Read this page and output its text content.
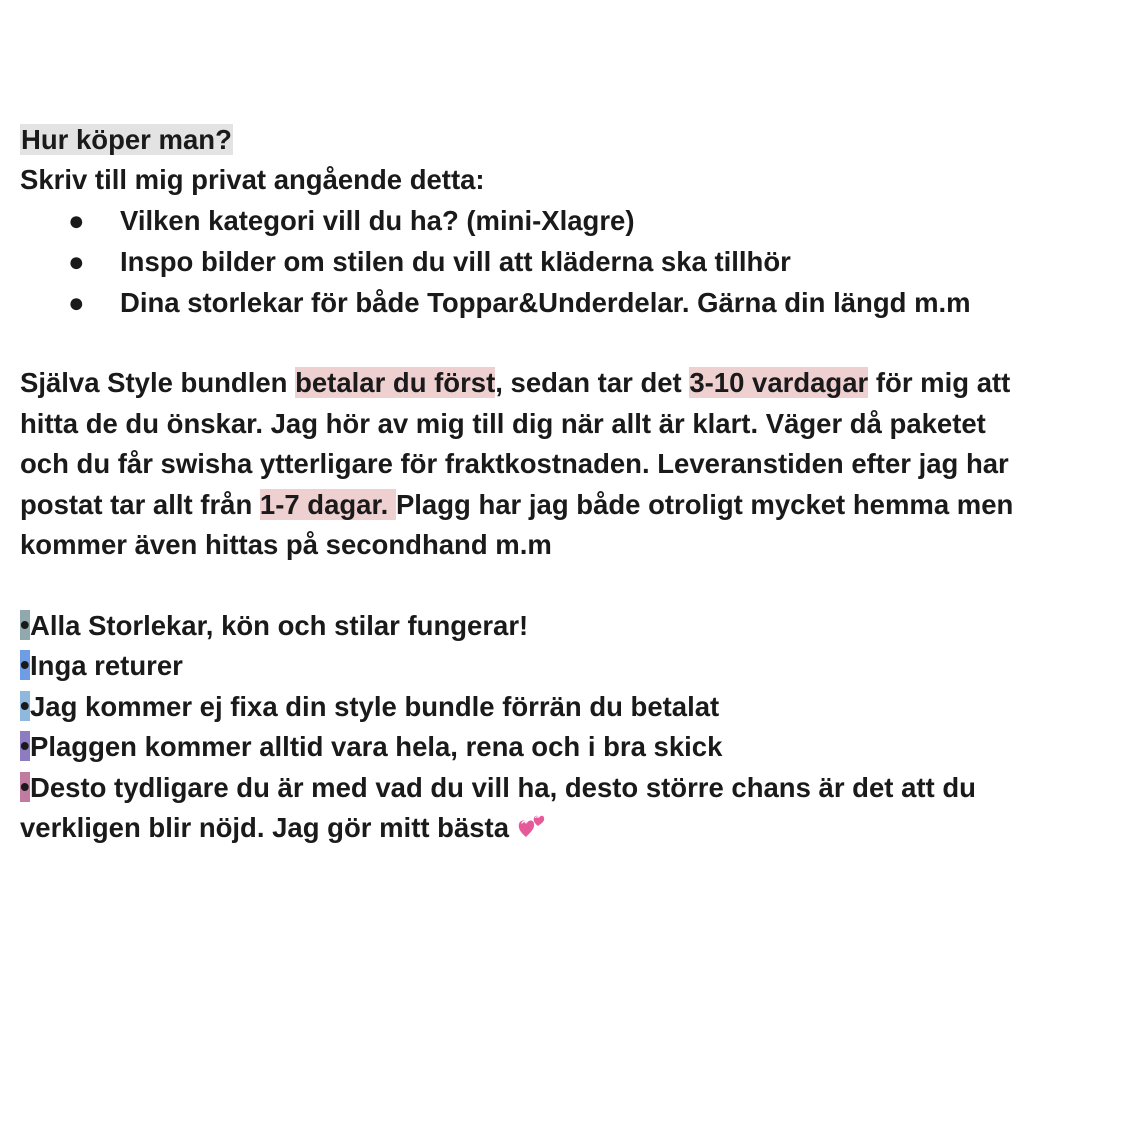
Hur köper man?
Skriv till mig privat angående detta:
● Vilken kategori vill du ha? (mini-Xlagre)
● Inspo bilder om stilen du vill att kläderna ska tillhör
● Dina storlekar för både Toppar&Underdelar. Gärna din längd m.m
Själva Style bundlen betalar du först, sedan tar det 3-10 vardagar för mig att
hitta de du önskar. Jag hör av mig till dig när allt är klart. Väger då paketet
och du får swisha ytterligare för fraktkostnaden. Leveranstiden efter jag har
postat tar allt från 1-7 dagar. Plagg har jag både otroligt mycket hemma men
kommer även hittas på secondhand m.m
•Alla Storlekar, kön och stilar fungerar!
•Inga returer
•Jag kommer ej fixa din style bundle förrän du betalat
•Plaggen kommer alltid vara hela, rena och i bra skick
•Desto tydligare du är med vad du vill ha, desto större chans är det att du
verkligen blir nöjd. Jag gör mitt bästa
